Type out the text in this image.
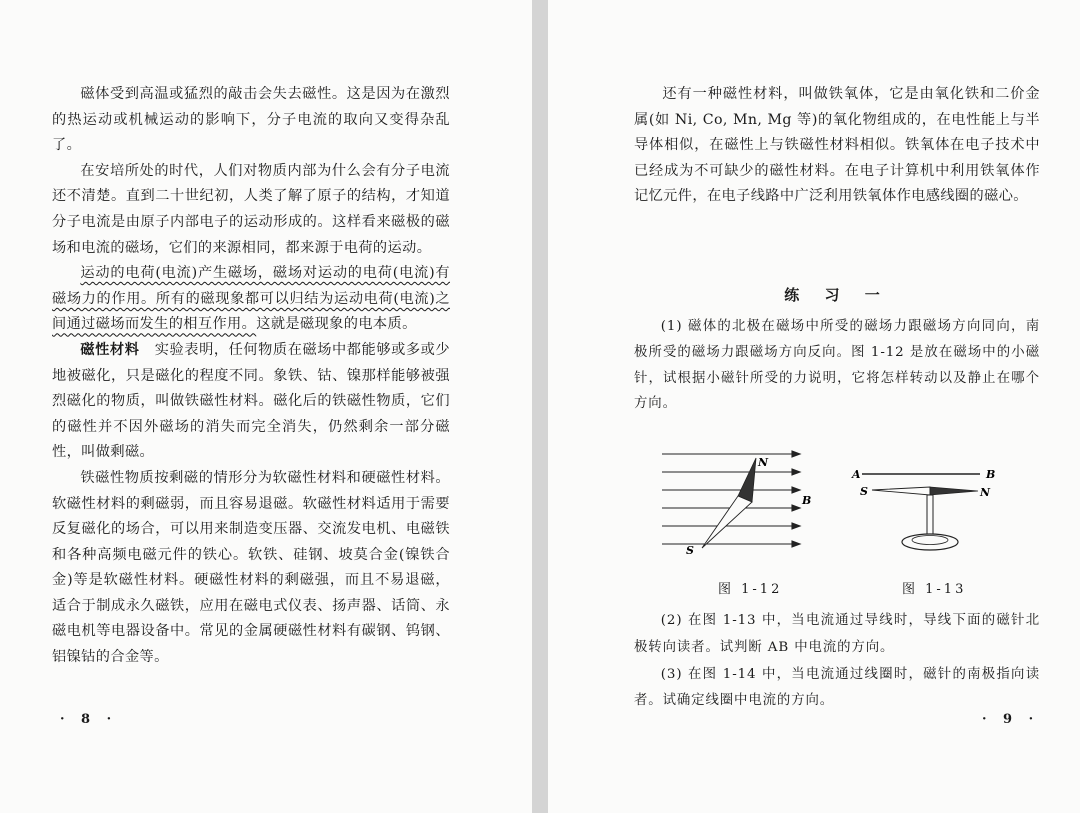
磁体受到高温或猛烈的敲击会失去磁性。这是因为在激烈的热运动或机械运动的影响下，分子电流的取向又变得杂乱了。

在安培所处的时代，人们对物质内部为什么会有分子电流还不清楚。直到二十世纪初，人类了解了原子的结构，才知道分子电流是由原子内部电子的运动形成的。这样看来磁极的磁场和电流的磁场，它们的来源相同，都来源于电荷的运动。

运动的电荷(电流)产生磁场，磁场对运动的电荷(电流)有磁场力的作用。所有的磁现象都可以归结为运动电荷(电流)之间通过磁场而发生的相互作用。这就是磁现象的电本质。

磁性材料 实验表明，任何物质在磁场中都能够或多或少地被磁化，只是磁化的程度不同。象铁、钴、镍那样能够被强烈磁化的物质，叫做铁磁性材料。磁化后的铁磁性物质，它们的磁性并不因外磁场的消失而完全消失，仍然剩余一部分磁性，叫做剩磁。

铁磁性物质按剩磁的情形分为软磁性材料和硬磁性材料。软磁性材料的剩磁弱，而且容易退磁。软磁性材料适用于需要反复磁化的场合，可以用来制造变压器、交流发电机、电磁铁和各种高频电磁元件的铁心。软铁、硅钢、坡莫合金(镍铁合金)等是软磁性材料。硬磁性材料的剩磁强，而且不易退磁，适合于制成永久磁铁，应用在磁电式仪表、扬声器、话筒、永磁电机等电器设备中。常见的金属硬磁性材料有碳钢、钨钢、铝镍钴的合金等。

· 8 ·

还有一种磁性材料，叫做铁氧体，它是由氧化铁和二价金属(如 Ni, Co, Mn, Mg 等)的氧化物组成的，在电性能上与半导体相似，在磁性上与铁磁性材料相似。铁氧体在电子技术中已经成为不可缺少的磁性材料。在电子计算机中利用铁氧体作记忆元件，在电子线路中广泛利用铁氧体作电感线圈的磁心。

练 习 一

(1) 磁体的北极在磁场中所受的磁场力跟磁场方向同向，南极所受的磁场力跟磁场方向反向。图 1-12 是放在磁场中的小磁针，试根据小磁针所受的力说明，它将怎样转动以及静止在哪个方向。

N
S
B
图 1-12
A	B
S	N
图 1-13

(2) 在图 1-13 中，当电流通过导线时，导线下面的磁针北极转向读者。试判断 AB 中电流的方向。

(3) 在图 1-14 中，当电流通过线圈时，磁针的南极指向读者。试确定线圈中电流的方向。

· 9 ·
